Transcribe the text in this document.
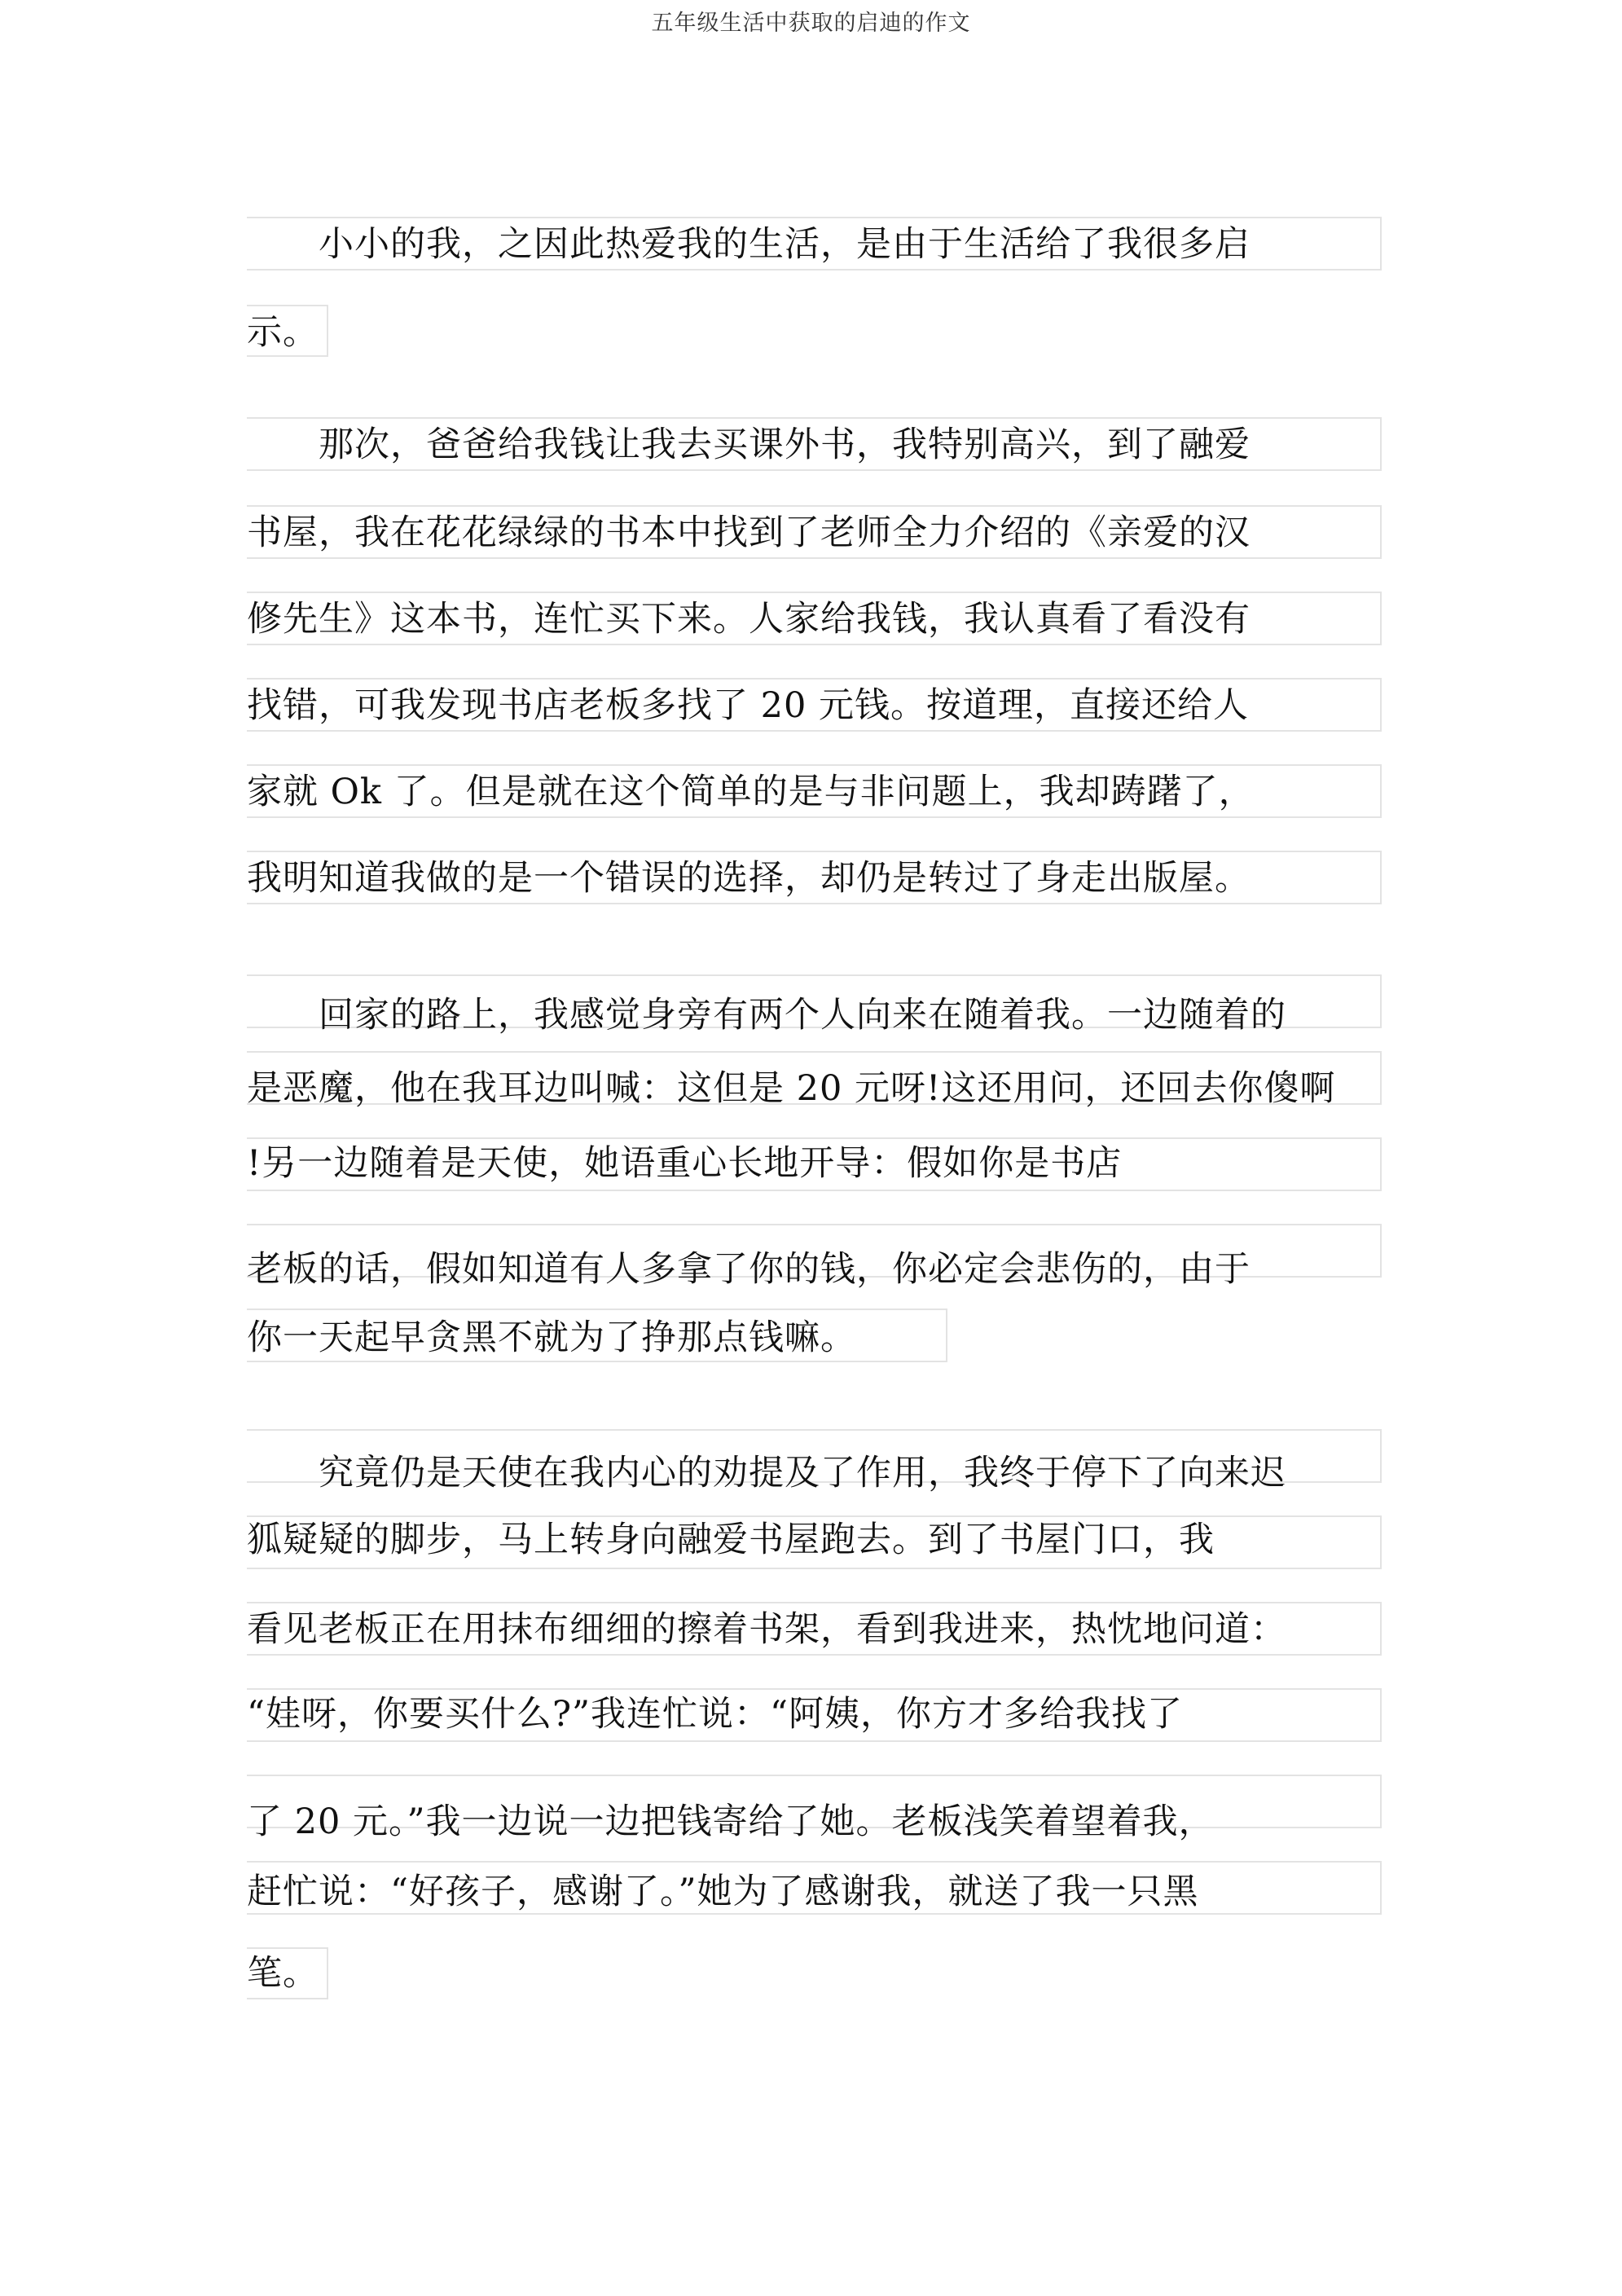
五年级生活中获取的启迪的作文
　　小小的我，之因此热爱我的生活，是由于生活给了我很多启
示。
　　那次，爸爸给我钱让我去买课外书，我特别高兴，到了融爱
书屋，我在花花绿绿的书本中找到了老师全力介绍的《亲爱的汉
修先生》这本书，连忙买下来。人家给我钱，我认真看了看没有
找错，可我发现书店老板多找了 20 元钱。按道理，直接还给人
家就 Ok 了。但是就在这个简单的是与非问题上，我却踌躇了，
我明知道我做的是一个错误的选择，却仍是转过了身走出版屋。
　　回家的路上，我感觉身旁有两个人向来在随着我。一边随着的
是恶魔，他在我耳边叫喊：这但是 20 元呀!这还用问，还回去你傻啊
!另一边随着是天使，她语重心长地开导：假如你是书店
老板的话，假如知道有人多拿了你的钱，你必定会悲伤的，由于
你一天起早贪黑不就为了挣那点钱嘛。
　　究竟仍是天使在我内心的劝提及了作用，我终于停下了向来迟
狐疑疑的脚步，马上转身向融爱书屋跑去。到了书屋门口，我
看见老板正在用抹布细细的擦着书架，看到我进来，热忱地问道：
“娃呀，你要买什么?”我连忙说：“阿姨，你方才多给我找了
了 20 元。”我一边说一边把钱寄给了她。老板浅笑着望着我，
赶忙说：“好孩子，感谢了。”她为了感谢我，就送了我一只黑
笔。
